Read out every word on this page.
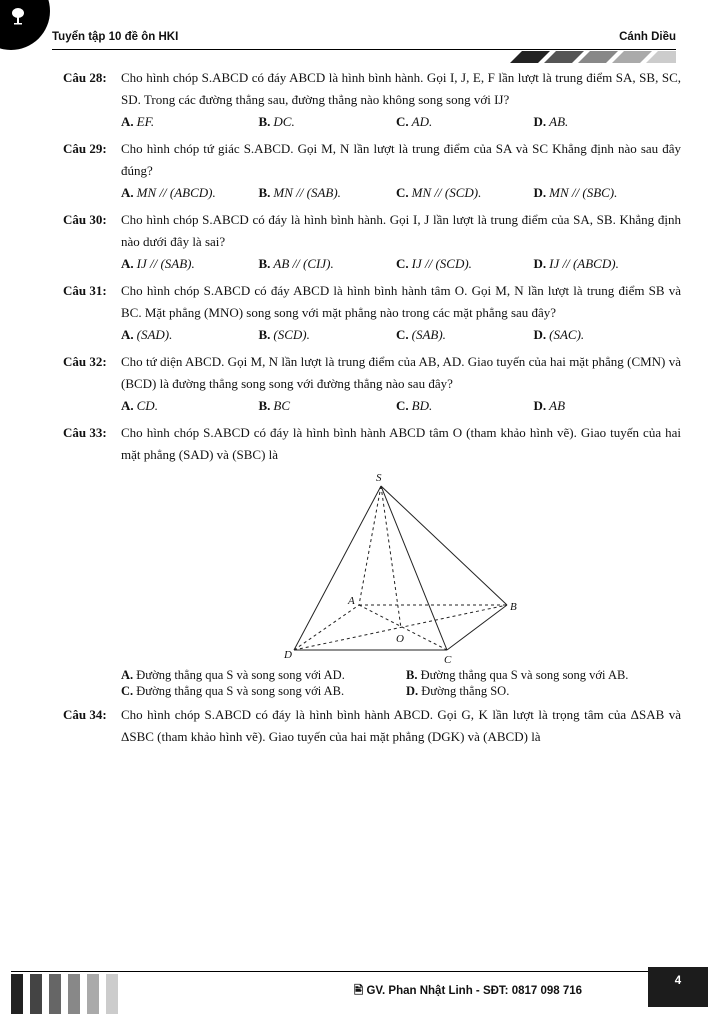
Tuyển tập 10 đề ôn HKI	Cánh Diều
Câu 28:	Cho hình chóp S.ABCD có đáy ABCD là hình bình hành. Gọi I, J, E, F lần lượt là trung điểm SA, SB, SC, SD. Trong các đường thẳng sau, đường thẳng nào không song song với IJ?
A. EF.	B. DC.	C. AD.	D. AB.
Câu 29:	Cho hình chóp tứ giác S.ABCD. Gọi M, N lần lượt là trung điểm của SA và SC Khẳng định nào sau đây đúng?
A. MN // (ABCD).	B. MN // (SAB).	C. MN // (SCD).	D. MN // (SBC).
Câu 30:	Cho hình chóp S.ABCD có đáy là hình bình hành. Gọi I, J lần lượt là trung điểm của SA, SB. Khẳng định nào dưới đây là sai?
A. IJ // (SAB).	B. AB // (CIJ).	C. IJ // (SCD).	D. IJ // (ABCD).
Câu 31:	Cho hình chóp S.ABCD có đáy ABCD là hình bình hành tâm O. Gọi M, N lần lượt là trung điểm SB và BC. Mặt phẳng (MNO) song song với mặt phẳng nào trong các mặt phẳng sau đây?
A. (SAD).	B. (SCD).	C. (SAB).	D. (SAC).
Câu 32:	Cho tứ diện ABCD. Gọi M, N lần lượt là trung điểm của AB, AD. Giao tuyến của hai mặt phẳng (CMN) và (BCD) là đường thẳng song song với đường thẳng nào sau đây?
A. CD.	B. BC	C. BD.	D. AB
Câu 33:	Cho hình chóp S.ABCD có đáy là hình bình hành ABCD tâm O (tham khảo hình vẽ). Giao tuyến của hai mặt phẳng (SAD) và (SBC) là
S
A	B
C
D
O
A. Đường thẳng qua S và song song với AD.	B. Đường thẳng qua S và song song với AB.
C. Đường thẳng qua S và song song với AB.	D. Đường thẳng SO.
Câu 34:	Cho hình chóp S.ABCD có đáy là hình bình hành ABCD. Gọi G, K lần lượt là trọng tâm của ΔSAB và ΔSBC (tham khảo hình vẽ). Giao tuyến của hai mặt phẳng (DGK) và (ABCD) là
🖹 GV. Phan Nhật Linh - SĐT: 0817 098 716
4
